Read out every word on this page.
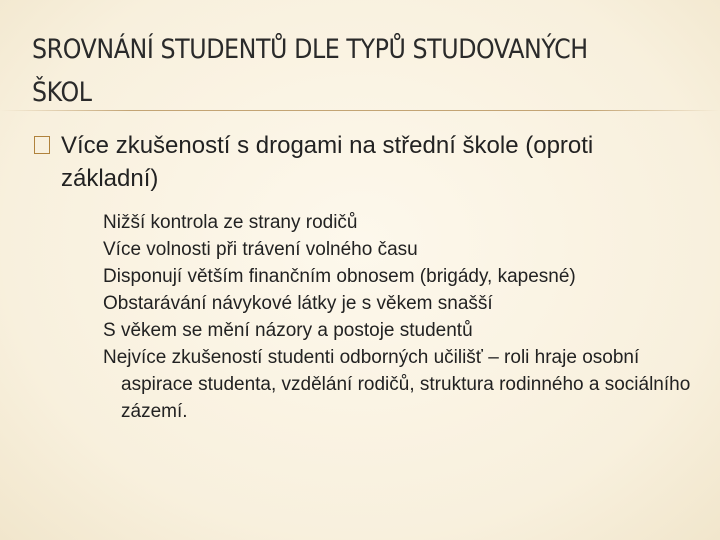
SROVNÁNÍ STUDENTŮ DLE TYPŮ STUDOVANÝCH
ŠKOL
Více zkušeností s drogami na střední škole (oproti základní)
Nižší kontrola ze strany rodičů
Více volnosti při trávení volného času
Disponují větším finančním obnosem (brigády, kapesné)
Obstarávání návykové látky je s věkem snašší
S věkem se mění názory a postoje studentů
Nejvíce zkušeností studenti odborných učilišť – roli hraje osobní aspirace studenta, vzdělání rodičů, struktura rodinného a sociálního zázemí.
